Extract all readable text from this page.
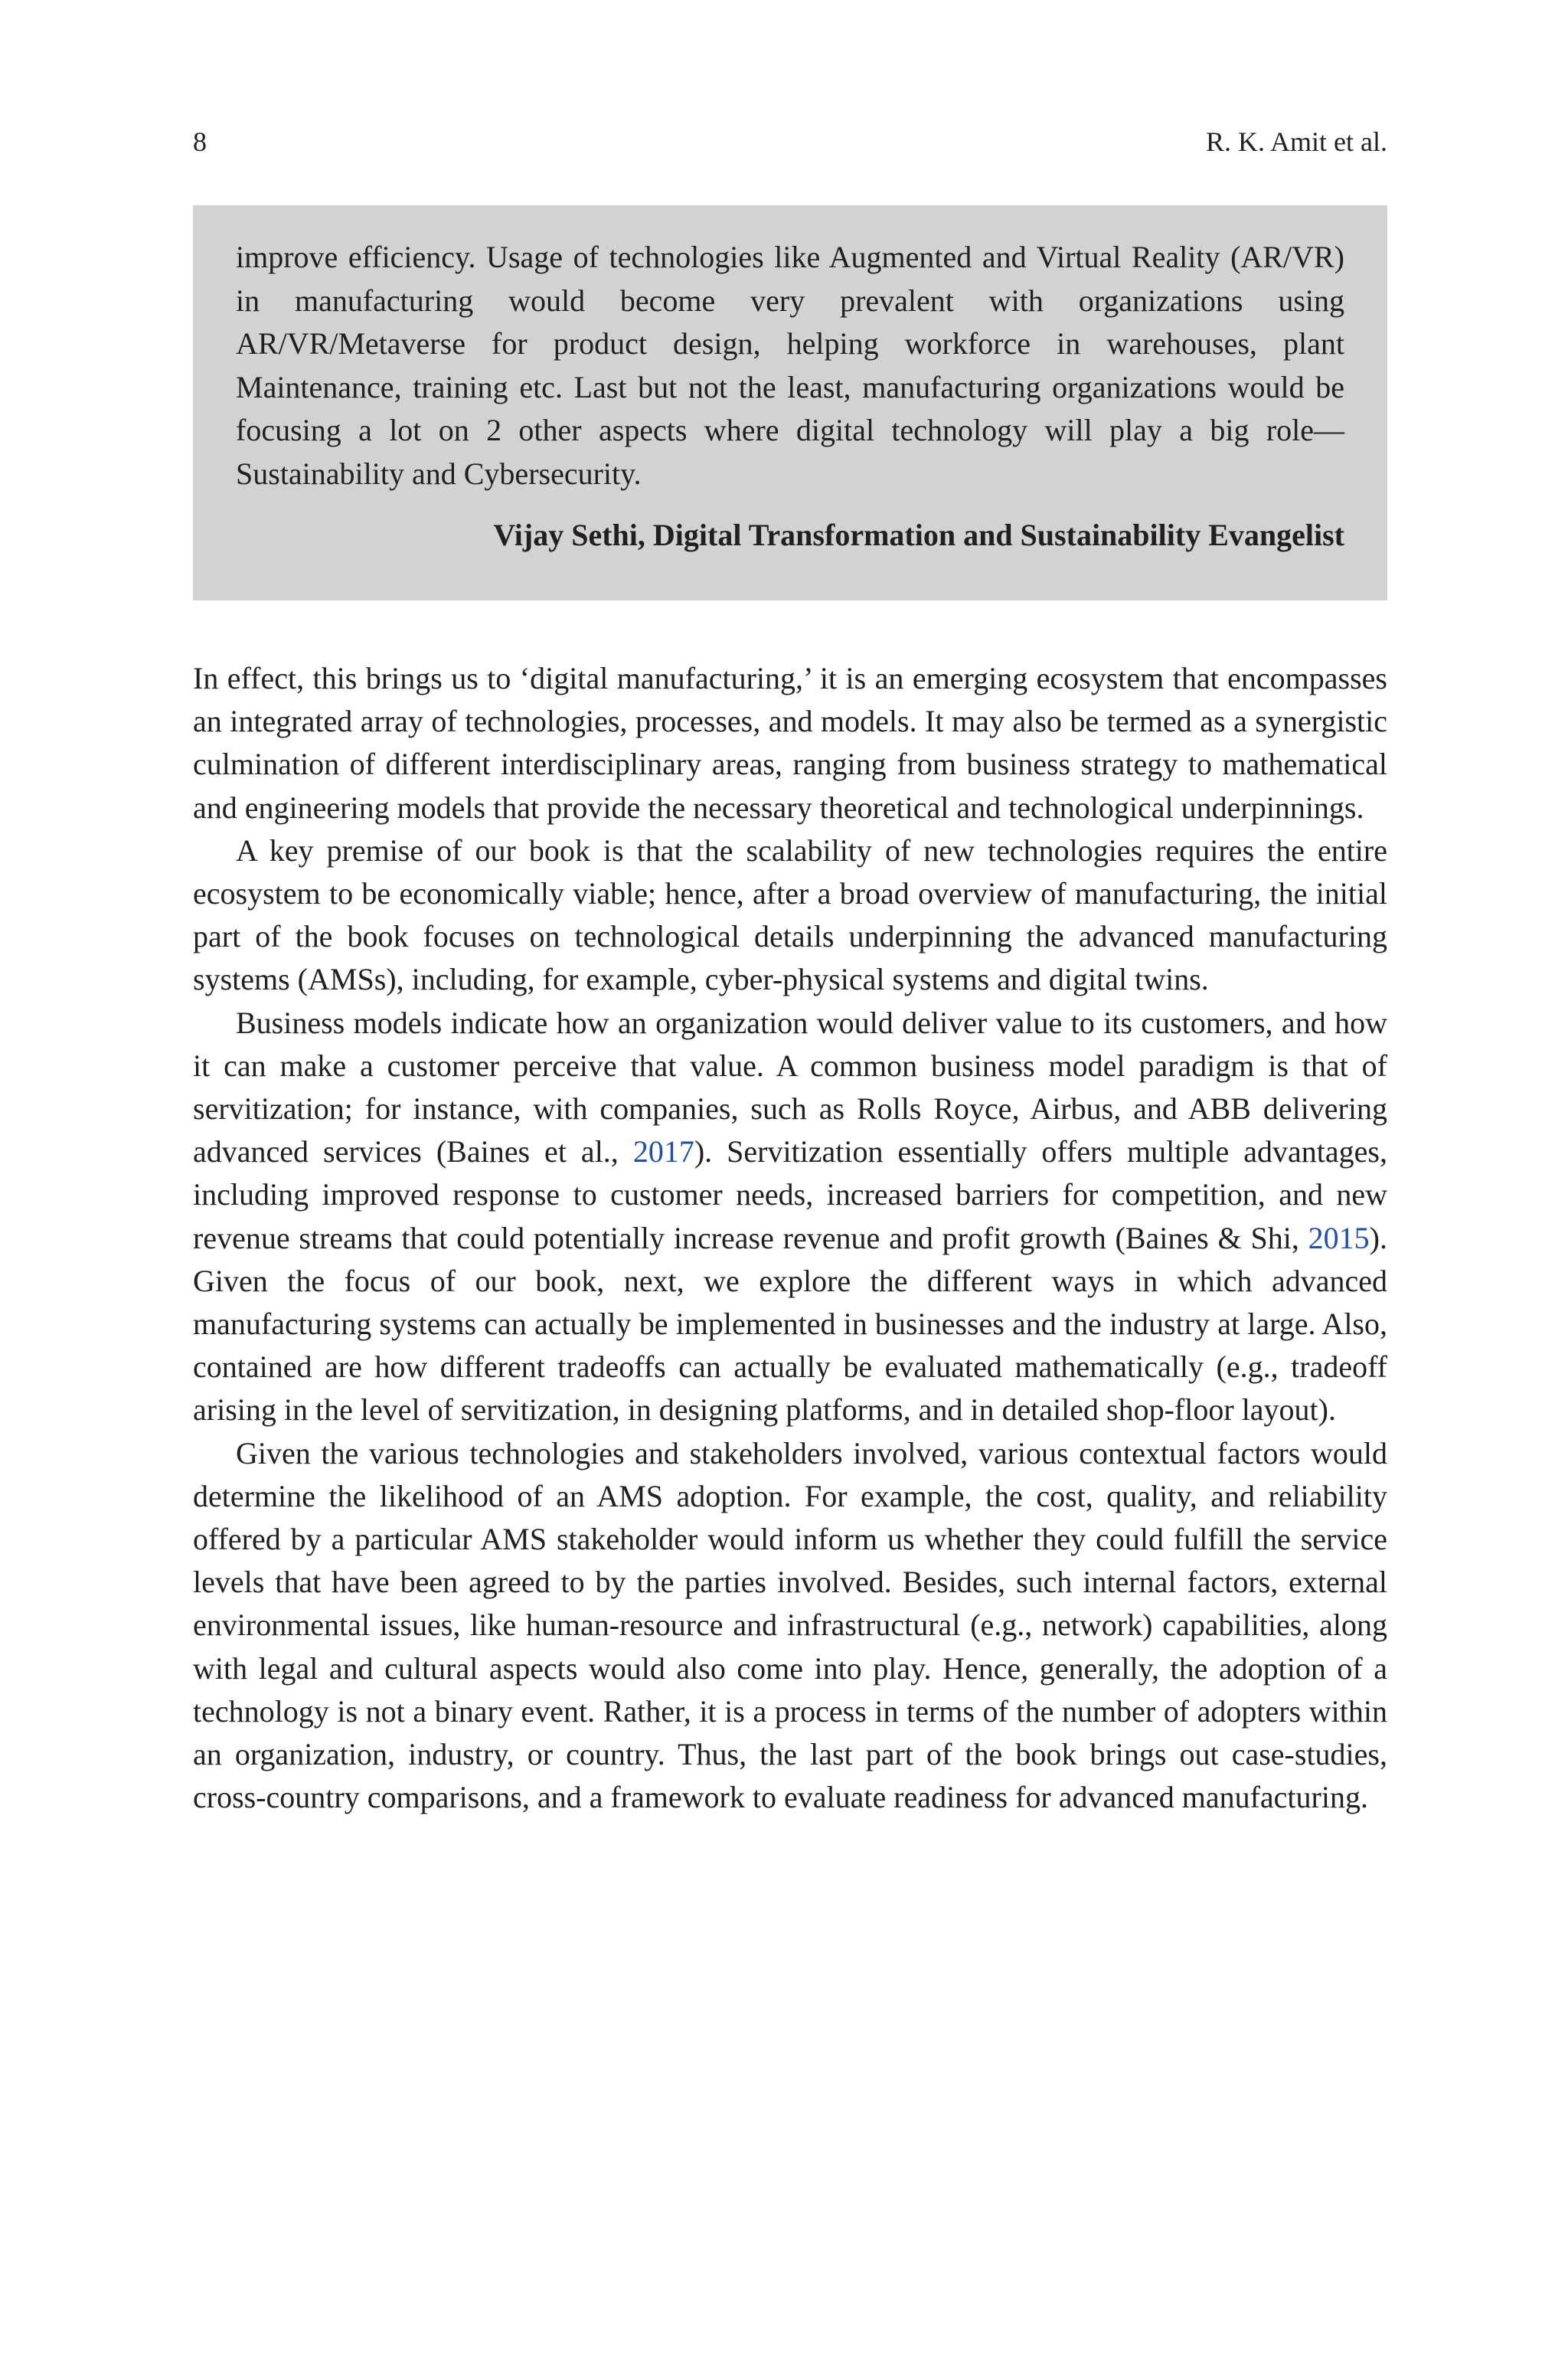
8	R. K. Amit et al.

improve efficiency. Usage of technologies like Augmented and Virtual Reality (AR/VR) in manufacturing would become very prevalent with organizations using AR/VR/Metaverse for product design, helping workforce in warehouses, plant Maintenance, training etc. Last but not the least, manufacturing organizations would be focusing a lot on 2 other aspects where digital technology will play a big role—Sustainability and Cybersecurity.

Vijay Sethi, Digital Transformation and Sustainability Evangelist

In effect, this brings us to ‘digital manufacturing,’ it is an emerging ecosystem that encompasses an integrated array of technologies, processes, and models. It may also be termed as a synergistic culmination of different interdisciplinary areas, ranging from business strategy to mathematical and engineering models that provide the necessary theoretical and technological underpinnings.

A key premise of our book is that the scalability of new technologies requires the entire ecosystem to be economically viable; hence, after a broad overview of manufacturing, the initial part of the book focuses on technological details underpinning the advanced manufacturing systems (AMSs), including, for example, cyber-physical systems and digital twins.

Business models indicate how an organization would deliver value to its customers, and how it can make a customer perceive that value. A common business model paradigm is that of servitization; for instance, with companies, such as Rolls Royce, Airbus, and ABB delivering advanced services (Baines et al., 2017). Servitization essentially offers multiple advantages, including improved response to customer needs, increased barriers for competition, and new revenue streams that could potentially increase revenue and profit growth (Baines & Shi, 2015). Given the focus of our book, next, we explore the different ways in which advanced manufacturing systems can actually be implemented in businesses and the industry at large. Also, contained are how different tradeoffs can actually be evaluated mathematically (e.g., tradeoff arising in the level of servitization, in designing platforms, and in detailed shop-floor layout).

Given the various technologies and stakeholders involved, various contextual factors would determine the likelihood of an AMS adoption. For example, the cost, quality, and reliability offered by a particular AMS stakeholder would inform us whether they could fulfill the service levels that have been agreed to by the parties involved. Besides, such internal factors, external environmental issues, like human-resource and infrastructural (e.g., network) capabilities, along with legal and cultural aspects would also come into play. Hence, generally, the adoption of a technology is not a binary event. Rather, it is a process in terms of the number of adopters within an organization, industry, or country. Thus, the last part of the book brings out case-studies, cross-country comparisons, and a framework to evaluate readiness for advanced manufacturing.
